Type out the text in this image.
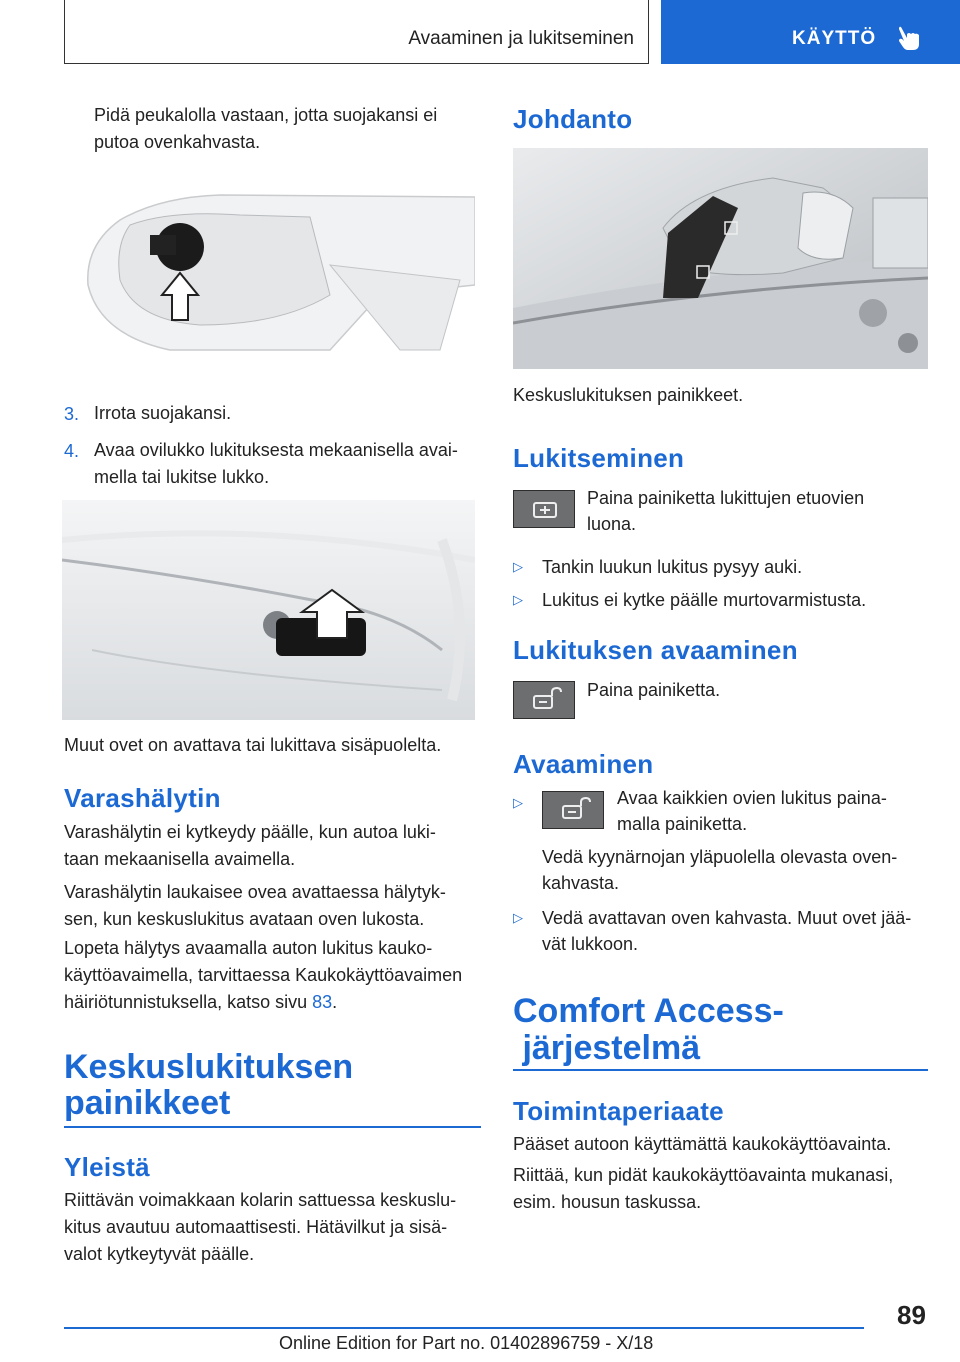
Avaaminen ja lukitseminen	KÄYTTÖ
Pidä peukalolla vastaan, jotta suojakansi ei
putoa ovenkahvasta.
3. Irrota suojakansi.
4. Avaa ovilukko lukituksesta mekaanisella avai-
mella tai lukitse lukko.
Muut ovet on avattava tai lukittava sisäpuolelta.
Varashälytin
Varashälytin ei kytkeydy päälle, kun autoa luki-
taan mekaanisella avaimella.
Varashälytin laukaisee ovea avattaessa hälytyk-
sen, kun keskuslukitus avataan oven lukosta.
Lopeta hälytys avaamalla auton lukitus kauko-
käyttöavaimella, tarvittaessa Kaukokäyttöavaimen
häiriötunnistuksella, katso sivu 83.
Keskuslukituksen
painikkeet
Yleistä
Riittävän voimakkaan kolarin sattuessa keskuslu-
kitus avautuu automaattisesti. Hätävilkut ja sisä-
valot kytkeytyvät päälle.
Johdanto
Keskuslukituksen painikkeet.
Lukitseminen
Paina painiketta lukittujen etuovien
luona.
▷ Tankin luukun lukitus pysyy auki.
▷ Lukitus ei kytke päälle murtovarmistusta.
Lukituksen avaaminen
Paina painiketta.
Avaaminen
▷	Avaa kaikkien ovien lukitus paina-
malla painiketta.
Vedä kyynärnojan yläpuolella olevasta oven-
kahvasta.
▷ Vedä avattavan oven kahvasta. Muut ovet jää-
vät lukkoon.
Comfort Access-
järjestelmä
Toimintaperiaate
Pääset autoon käyttämättä kaukokäyttöavainta.
Riittää, kun pidät kaukokäyttöavainta mukanasi,
esim. housun taskussa.
89
Online Edition for Part no. 01402896759 - X/18
